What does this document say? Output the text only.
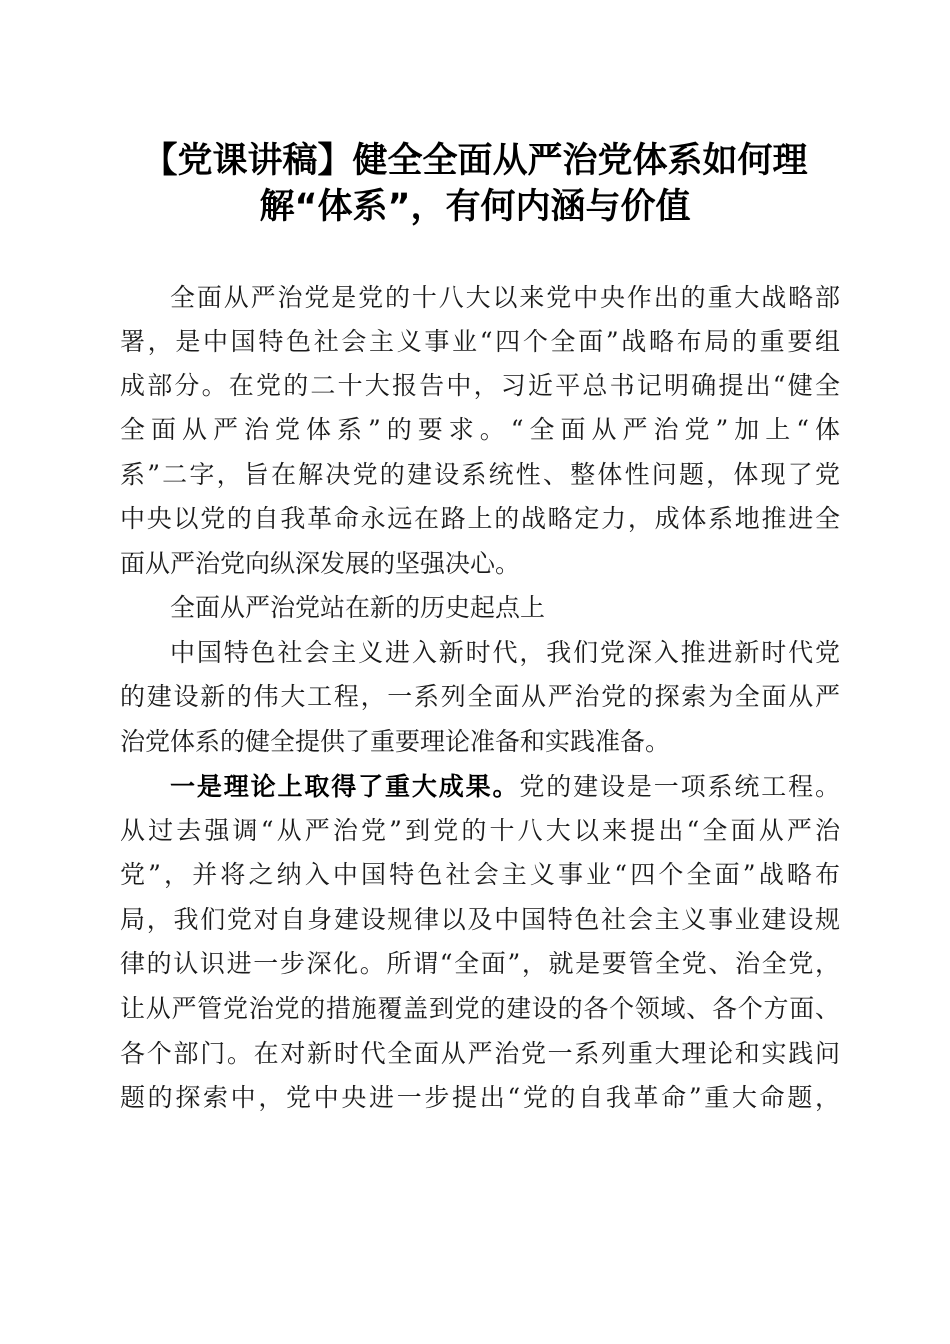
【党课讲稿】健全全面从严治党体系如何理
解“体系”，有何内涵与价值
全面从严治党是党的十八大以来党中央作出的重大战略部
署，是中国特色社会主义事业“四个全面”战略布局的重要组
成部分。在党的二十大报告中，习近平总书记明确提出“健全
全面从严治党体系”的要求。“全面从严治党”加上“体
系”二字，旨在解决党的建设系统性、整体性问题，体现了党
中央以党的自我革命永远在路上的战略定力，成体系地推进全
面从严治党向纵深发展的坚强决心。
全面从严治党站在新的历史起点上
中国特色社会主义进入新时代，我们党深入推进新时代党
的建设新的伟大工程，一系列全面从严治党的探索为全面从严
治党体系的健全提供了重要理论准备和实践准备。
一是理论上取得了重大成果。党的建设是一项系统工程。
从过去强调“从严治党”到党的十八大以来提出“全面从严治
党”，并将之纳入中国特色社会主义事业“四个全面”战略布
局，我们党对自身建设规律以及中国特色社会主义事业建设规
律的认识进一步深化。所谓“全面”，就是要管全党、治全党，
让从严管党治党的措施覆盖到党的建设的各个领域、各个方面、
各个部门。在对新时代全面从严治党一系列重大理论和实践问
题的探索中，党中央进一步提出“党的自我革命”重大命题，
